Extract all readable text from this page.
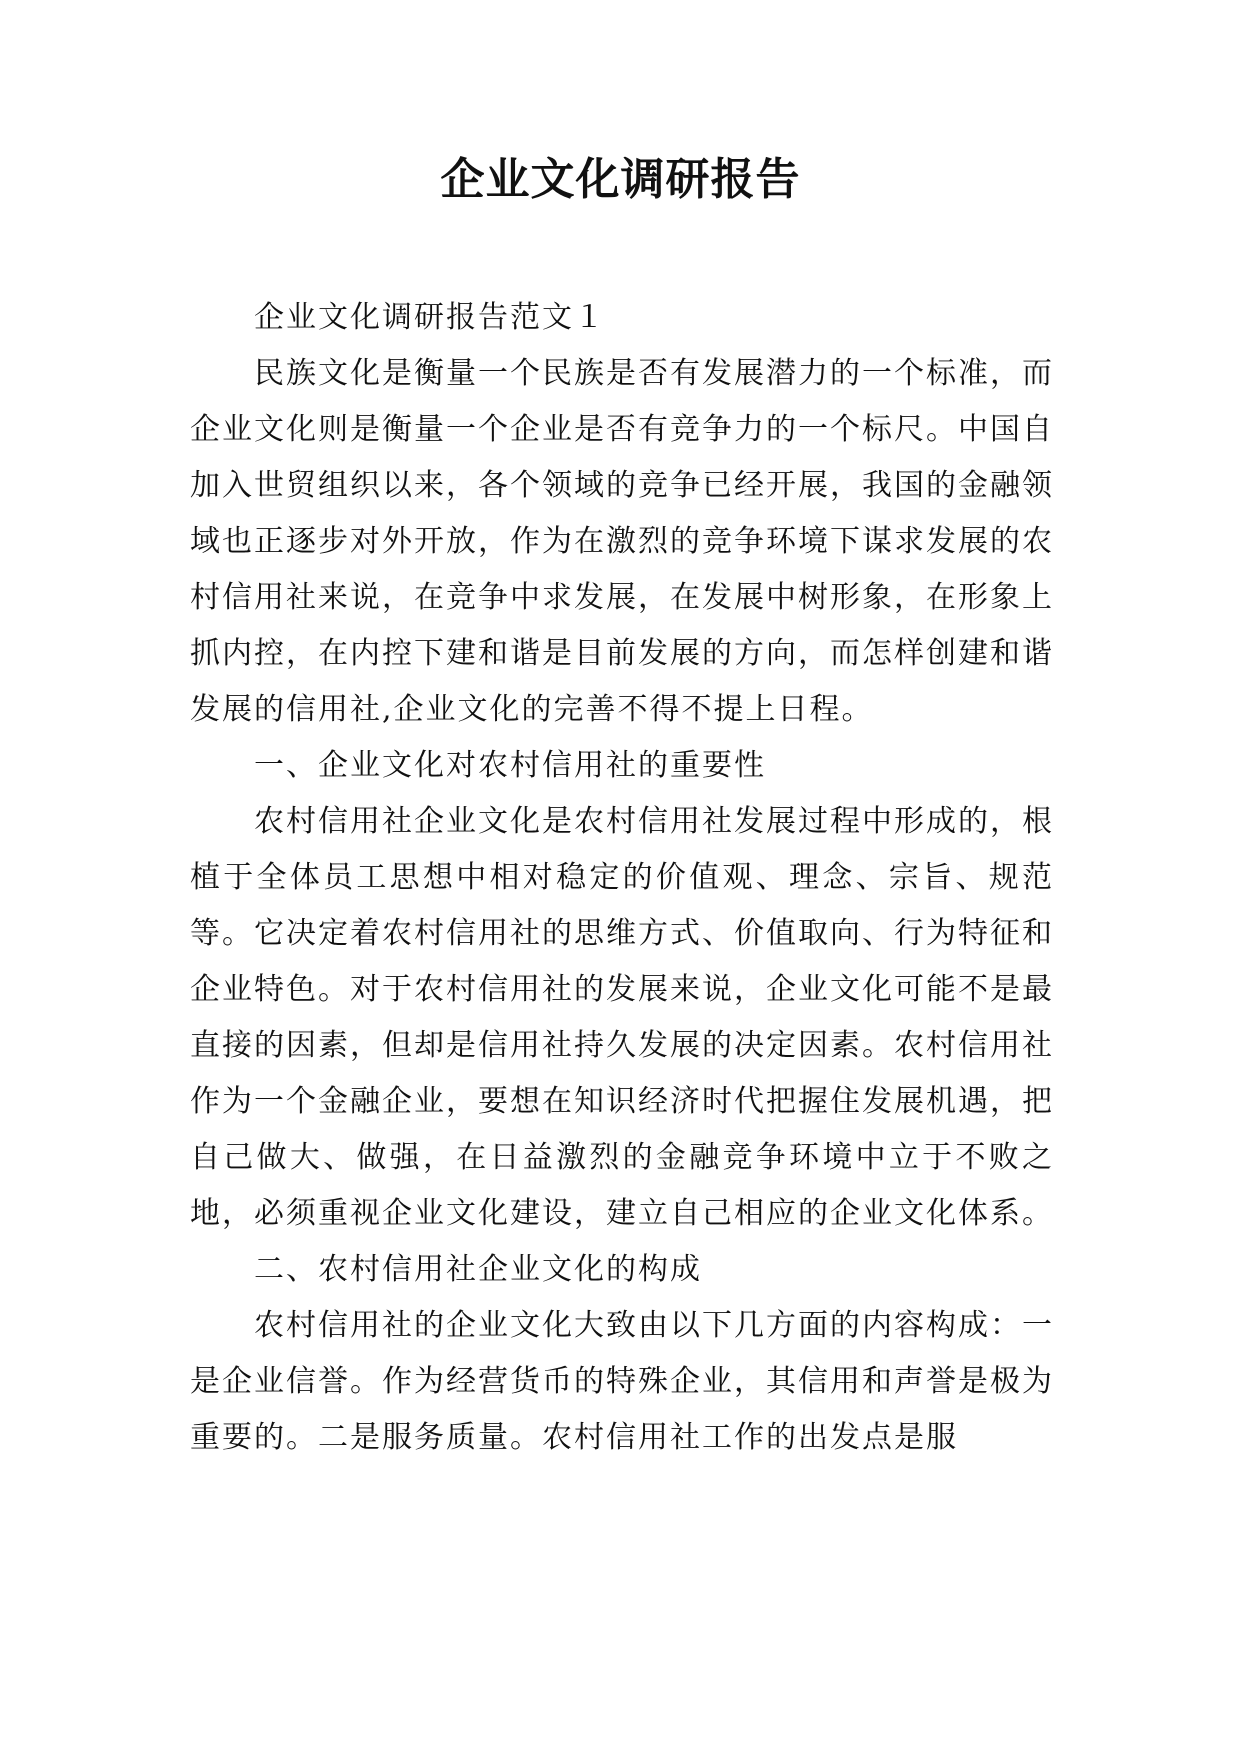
企业文化调研报告

企业文化调研报告范文１

民族文化是衡量一个民族是否有发展潜力的一个标准，而企业文化则是衡量一个企业是否有竞争力的一个标尺。中国自加入世贸组织以来，各个领域的竞争已经开展，我国的金融领域也正逐步对外开放，作为在激烈的竞争环境下谋求发展的农村信用社来说，在竞争中求发展，在发展中树形象，在形象上抓内控，在内控下建和谐是目前发展的方向，而怎样创建和谐发展的信用社,企业文化的完善不得不提上日程。

一、企业文化对农村信用社的重要性

农村信用社企业文化是农村信用社发展过程中形成的，根植于全体员工思想中相对稳定的价值观、理念、宗旨、规范等。它决定着农村信用社的思维方式、价值取向、行为特征和企业特色。对于农村信用社的发展来说，企业文化可能不是最直接的因素，但却是信用社持久发展的决定因素。农村信用社作为一个金融企业，要想在知识经济时代把握住发展机遇，把自己做大、做强，在日益激烈的金融竞争环境中立于不败之地，必须重视企业文化建设，建立自己相应的企业文化体系。

二、农村信用社企业文化的构成

农村信用社的企业文化大致由以下几方面的内容构成：一是企业信誉。作为经营货币的特殊企业，其信用和声誉是极为重要的。二是服务质量。农村信用社工作的出发点是服
